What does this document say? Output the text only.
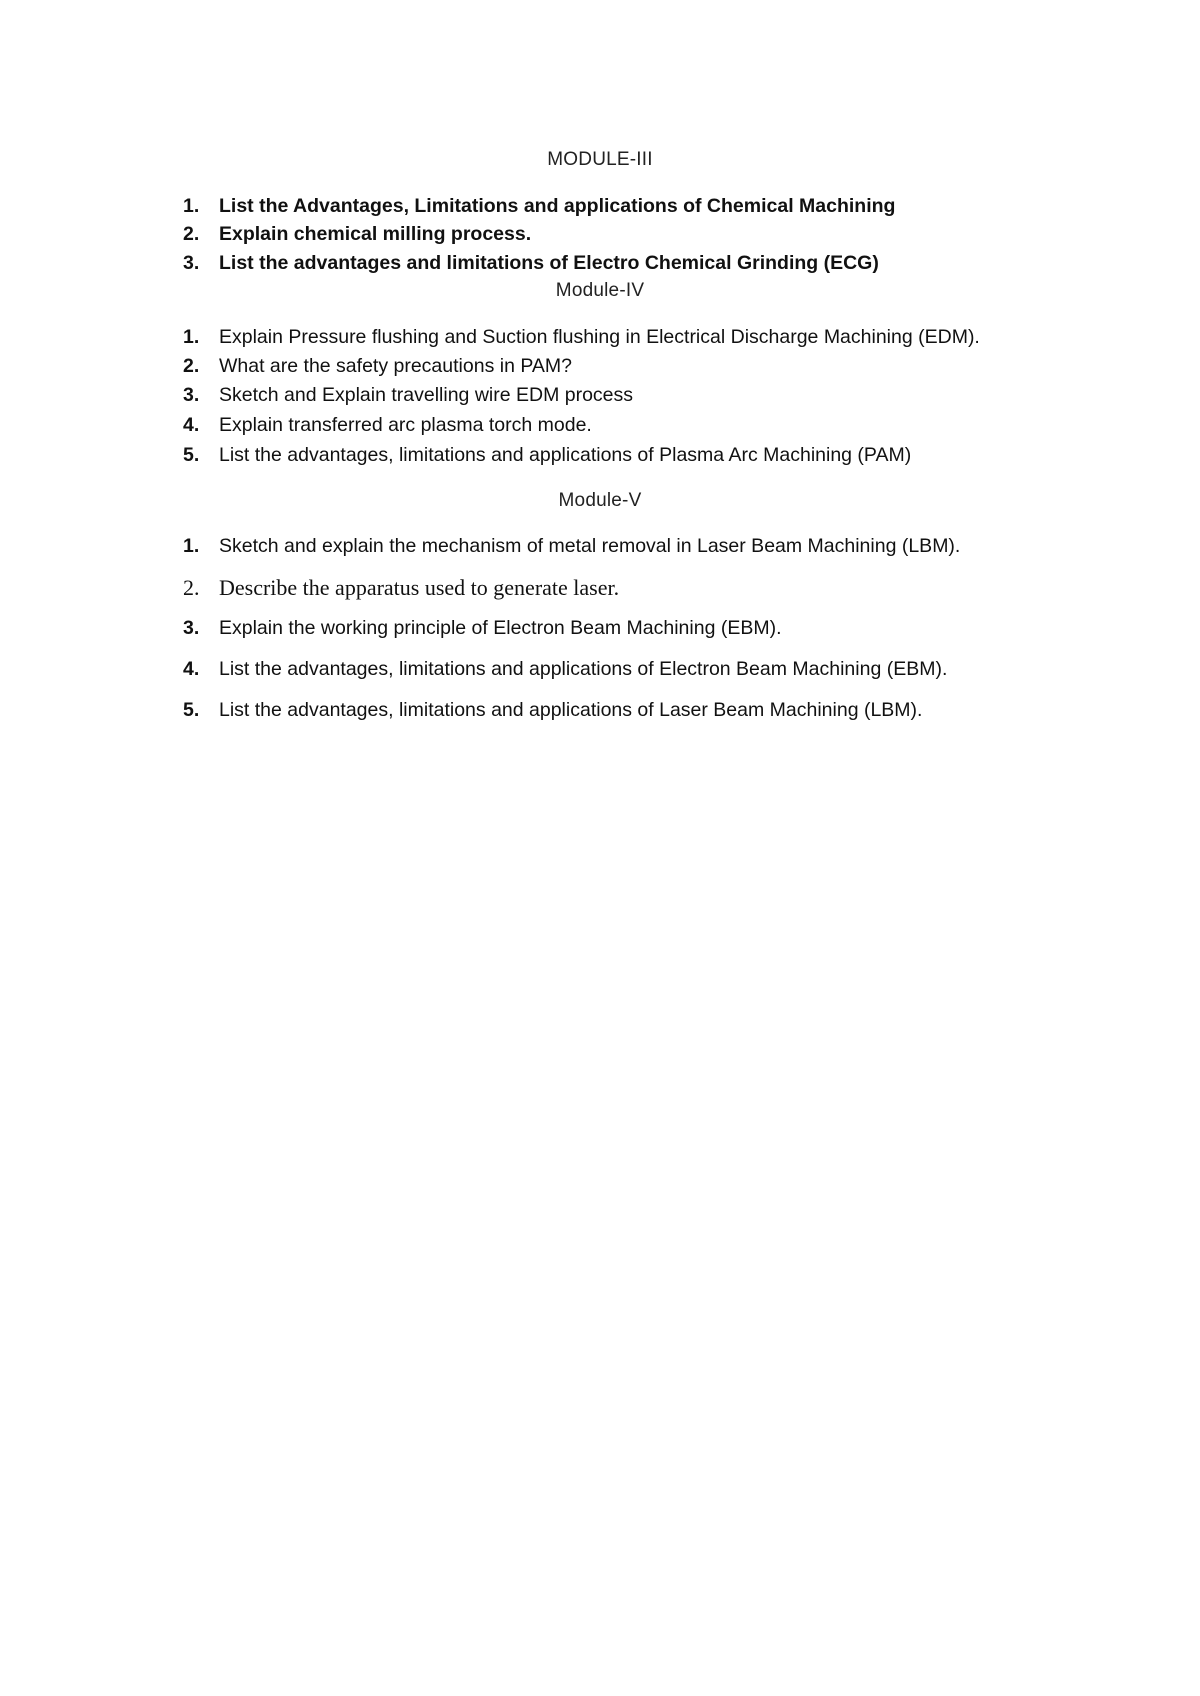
MODULE-III
1.	List the Advantages, Limitations and applications of Chemical Machining
2.	Explain chemical milling process.
3.	List the advantages and limitations of Electro Chemical Grinding (ECG)
Module-IV
1.	Explain Pressure flushing and Suction flushing in Electrical Discharge Machining (EDM).
2.	What are the safety precautions in PAM?
3.	Sketch and Explain travelling wire EDM process
4.	Explain transferred arc plasma torch mode.
5.	List the advantages, limitations and applications of Plasma Arc Machining (PAM)
Module-V
1.	Sketch and explain the mechanism of metal removal in Laser Beam Machining (LBM).
2. Describe the apparatus used to generate laser.
3.	Explain the working principle of Electron Beam Machining (EBM).
4.	List the advantages, limitations and applications of Electron Beam Machining (EBM).
5.	List the advantages, limitations and applications of Laser Beam Machining (LBM).
